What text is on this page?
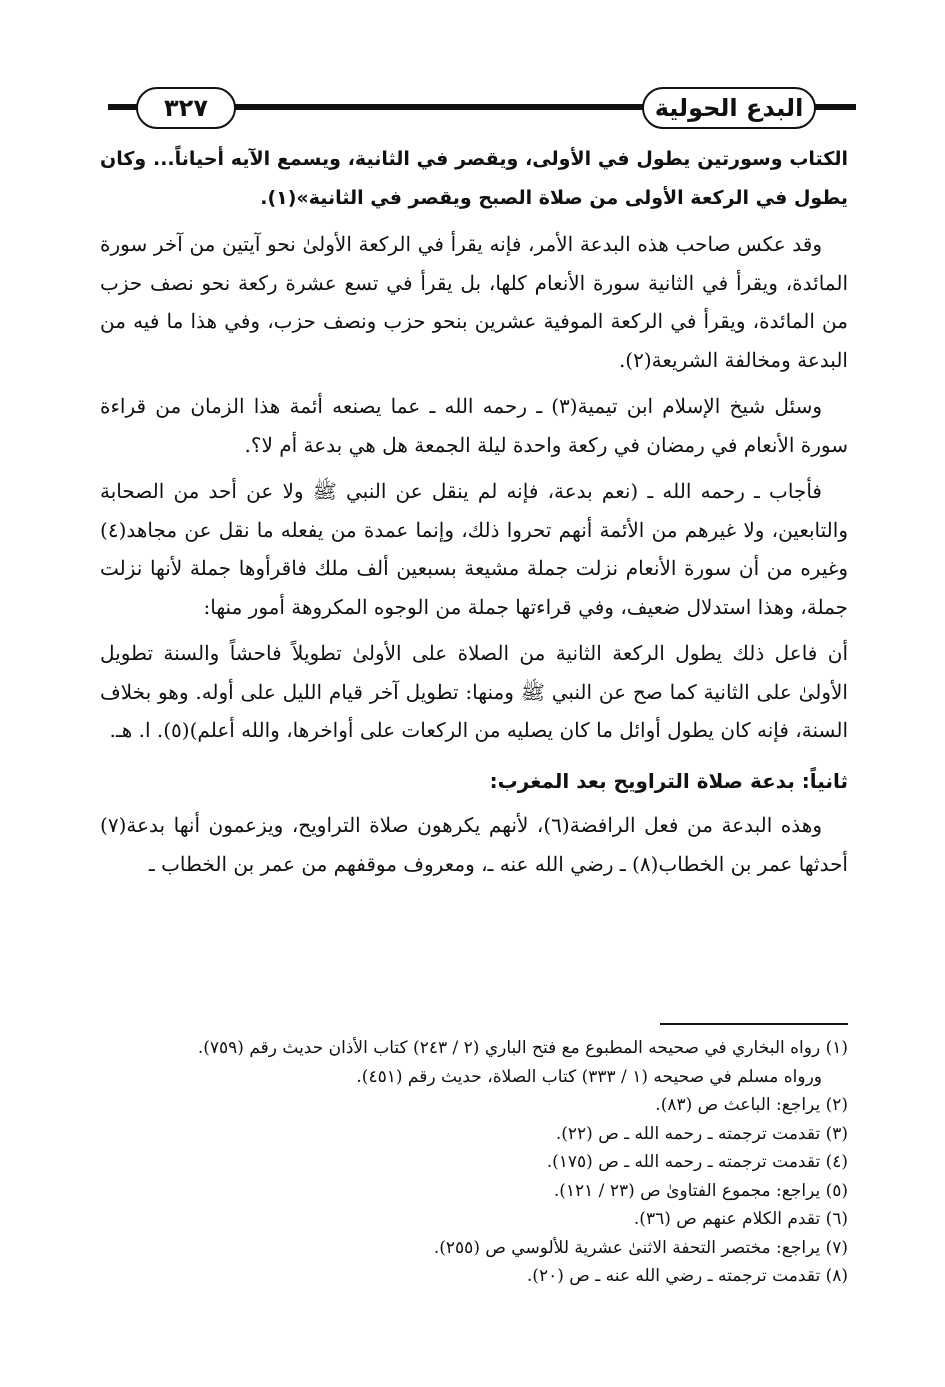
البدع الحولية
٣٢٧

الكتاب وسورتين يطول في الأولى، ويقصر في الثانية، ويسمع الآيه أحياناً... وكان يطول في الركعة الأولى من صلاة الصبح ويقصر في الثانية»(١).

وقد عكس صاحب هذه البدعة الأمر، فإنه يقرأ في الركعة الأولىٰ نحو آيتين من آخر سورة المائدة، ويقرأ في الثانية سورة الأنعام كلها، بل يقرأ في تسع عشرة ركعة نحو نصف حزب من المائدة، ويقرأ في الركعة الموفية عشرين بنحو حزب ونصف حزب، وفي هذا ما فيه من البدعة ومخالفة الشريعة(٢).

وسئل شيخ الإسلام ابن تيمية(٣) ـ رحمه الله ـ عما يصنعه أئمة هذا الزمان من قراءة سورة الأنعام في رمضان في ركعة واحدة ليلة الجمعة هل هي بدعة أم لا؟.

فأجاب ـ رحمه الله ـ (نعم بدعة، فإنه لم ينقل عن النبي ﷺ ولا عن أحد من الصحابة والتابعين، ولا غيرهم من الأئمة أنهم تحروا ذلك، وإنما عمدة من يفعله ما نقل عن مجاهد(٤) وغيره من أن سورة الأنعام نزلت جملة مشيعة بسبعين ألف ملك فاقرأوها جملة لأنها نزلت جملة، وهذا استدلال ضعيف، وفي قراءتها جملة من الوجوه المكروهة أمور منها:

أن فاعل ذلك يطول الركعة الثانية من الصلاة على الأولىٰ تطويلاً فاحشاً والسنة تطويل الأولىٰ على الثانية كما صح عن النبي ﷺ ومنها: تطويل آخر قيام الليل على أوله. وهو بخلاف السنة، فإنه كان يطول أوائل ما كان يصليه من الركعات على أواخرها، والله أعلم)(٥). ا. هـ.

ثانياً: بدعة صلاة التراويح بعد المغرب:

وهذه البدعة من فعل الرافضة(٦)، لأنهم يكرهون صلاة التراويح، ويزعمون أنها بدعة(٧) أحدثها عمر بن الخطاب(٨) ـ رضي الله عنه ـ، ومعروف موقفهم من عمر بن الخطاب ـ

(١) رواه البخاري في صحيحه المطبوع مع فتح الباري (٢ / ٢٤٣) كتاب الأذان حديث رقم (٧٥٩).

ورواه مسلم في صحيحه (١ / ٣٣٣) كتاب الصلاة، حديث رقم (٤٥١).

(٢) يراجع: الباعث ص (٨٣).

(٣) تقدمت ترجمته ـ رحمه الله ـ ص (٢٢).

(٤) تقدمت ترجمته ـ رحمه الله ـ ص (١٧٥).

(٥) يراجع: مجموع الفتاوىٰ ص (٢٣ / ١٢١).

(٦) تقدم الكلام عنهم ص (٣٦).

(٧) يراجع: مختصر التحفة الاثنىٰ عشرية للألوسي ص (٢٥٥).

(٨) تقدمت ترجمته ـ رضي الله عنه ـ ص (٢٠).
